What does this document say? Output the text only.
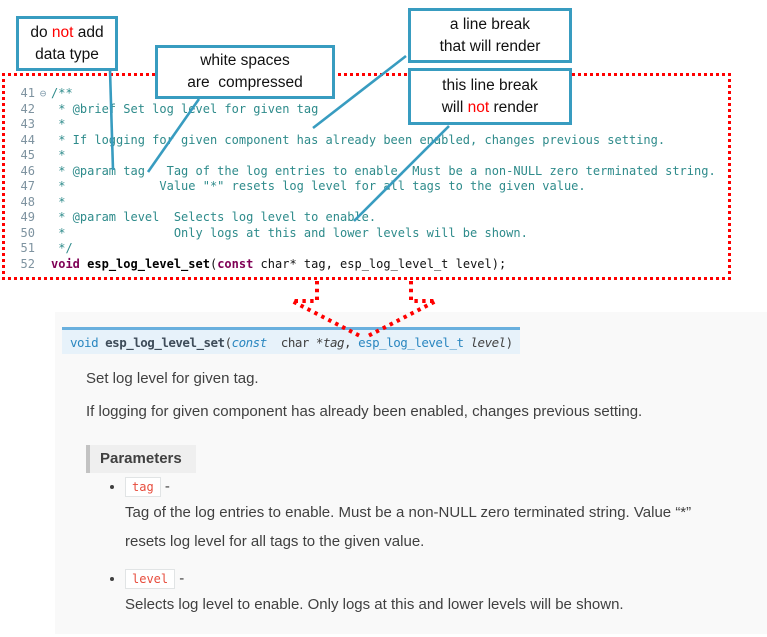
41 ⊖ /**
42 * @brief Set log level for given tag
43 *
44 * If logging for given component has already been enabled, changes previous setting.
45 *
46 * @param tag   Tag of the log entries to enable. Must be a non-NULL zero terminated string.
47 *             Value "*" resets log level for all tags to the given value.
48 *
49 * @param level  Selects log level to enable.
50 *               Only logs at this and lower levels will be shown.
51 */
52 void esp_log_level_set(const char* tag, esp_log_level_t level);
do not add
data type	white spaces
are  compressed
a line break
that will render
this line break
will not render
void esp_log_level_set ( const char * tag , esp_log_level_t
level )

Set log level for given tag.

If logging for given component has already been enabled, changes previous setting.

Parameters
• tag -
Tag of the log entries to enable. Must be a non-NULL zero terminated string. Value “*” resets log level for all tags to the given value.
• level -
Selects log level to enable. Only logs at this and lower levels will be shown.
